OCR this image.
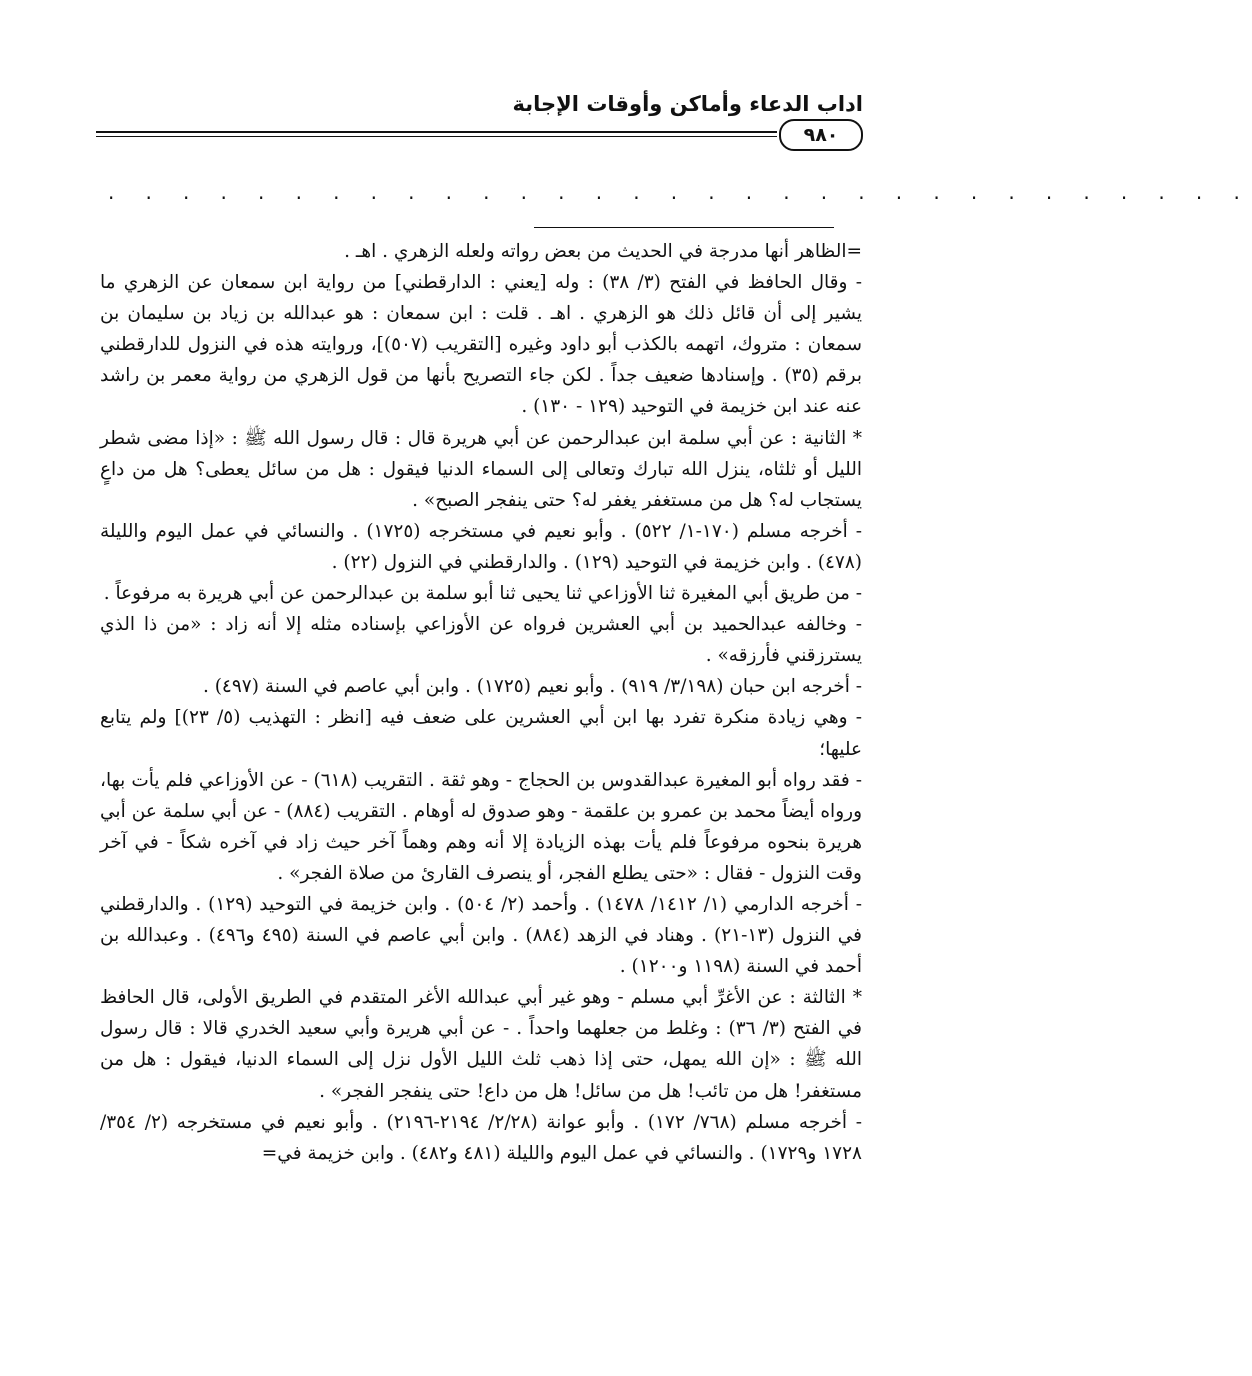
اداب الدعاء وأماكن وأوقات الإجابة
٩٨٠
. . . . . . . . . . . . . . . . . . . . . . . . . . . . . . .

=الظاهر أنها مدرجة في الحديث من بعض رواته ولعله الزهري . اهـ .

- وقال الحافظ في الفتح (٣/ ٣٨) : وله [يعني : الدارقطني] من رواية ابن سمعان عن الزهري ما يشير إلى أن قائل ذلك هو الزهري . اهـ . قلت : ابن سمعان : هو عبدالله بن زياد بن سليمان بن سمعان : متروك، اتهمه بالكذب أبو داود وغيره [التقريب (٥٠٧)]، وروايته هذه في النزول للدارقطني برقم (٣٥) . وإسنادها ضعيف جداً . لكن جاء التصريح بأنها من قول الزهري من رواية معمر بن راشد عنه عند ابن خزيمة في التوحيد (١٢٩ - ١٣٠) .

* الثانية : عن أبي سلمة ابن عبدالرحمن عن أبي هريرة قال : قال رسول الله ﷺ : «إذا مضى شطر الليل أو ثلثاه، ينزل الله تبارك وتعالى إلى السماء الدنيا فيقول : هل من سائل يعطى؟ هل من داعٍ يستجاب له؟ هل من مستغفر يغفر له؟ حتى ينفجر الصبح» .

- أخرجه مسلم (١٧٠-١/ ٥٢٢) . وأبو نعيم في مستخرجه (١٧٢٥) . والنسائي في عمل اليوم والليلة (٤٧٨) . وابن خزيمة في التوحيد (١٢٩) . والدارقطني في النزول (٢٢) .

- من طريق أبي المغيرة ثنا الأوزاعي ثنا يحيى ثنا أبو سلمة بن عبدالرحمن عن أبي هريرة به مرفوعاً .

- وخالفه عبدالحميد بن أبي العشرين فرواه عن الأوزاعي بإسناده مثله إلا أنه زاد : «من ذا الذي يسترزقني فأرزقه» .

- أخرجه ابن حبان (٣/١٩٨/ ٩١٩) . وأبو نعيم (١٧٢٥) . وابن أبي عاصم في السنة (٤٩٧) .

- وهي زيادة منكرة تفرد بها ابن أبي العشرين على ضعف فيه [انظر : التهذيب (٥/ ٢٣)] ولم يتابع عليها؛

- فقد رواه أبو المغيرة عبدالقدوس بن الحجاج - وهو ثقة . التقريب (٦١٨) - عن الأوزاعي فلم يأت بها، ورواه أيضاً محمد بن عمرو بن علقمة - وهو صدوق له أوهام . التقريب (٨٨٤) - عن أبي سلمة عن أبي هريرة بنحوه مرفوعاً فلم يأت بهذه الزيادة إلا أنه وهم وهماً آخر حيث زاد في آخره شكاً - في آخر وقت النزول - فقال : «حتى يطلع الفجر، أو ينصرف القارئ من صلاة الفجر» .

- أخرجه الدارمي (١/ ١٤١٢/ ١٤٧٨) . وأحمد (٢/ ٥٠٤) . وابن خزيمة في التوحيد (١٢٩) . والدارقطني في النزول (١٣-٢١) . وهناد في الزهد (٨٨٤) . وابن أبي عاصم في السنة (٤٩٥ و٤٩٦) . وعبدالله بن أحمد في السنة (١١٩٨ و١٢٠٠) .

* الثالثة : عن الأغرِّ أبي مسلم - وهو غير أبي عبدالله الأغر المتقدم في الطريق الأولى، قال الحافظ في الفتح (٣/ ٣٦) : وغلط من جعلهما واحداً . - عن أبي هريرة وأبي سعيد الخدري قالا : قال رسول الله ﷺ : «إن الله يمهل، حتى إذا ذهب ثلث الليل الأول نزل إلى السماء الدنيا، فيقول : هل من مستغفر! هل من تائب! هل من سائل! هل من داع! حتى ينفجر الفجر» .

- أخرجه مسلم (٧٦٨/ ١٧٢) . وأبو عوانة (٢/٢٨/ ٢١٩٤-٢١٩٦) . وأبو نعيم في مستخرجه (٢/ ٣٥٤/ ١٧٢٨ و١٧٢٩) . والنسائي في عمل اليوم والليلة (٤٨١ و٤٨٢) . وابن خزيمة في=
